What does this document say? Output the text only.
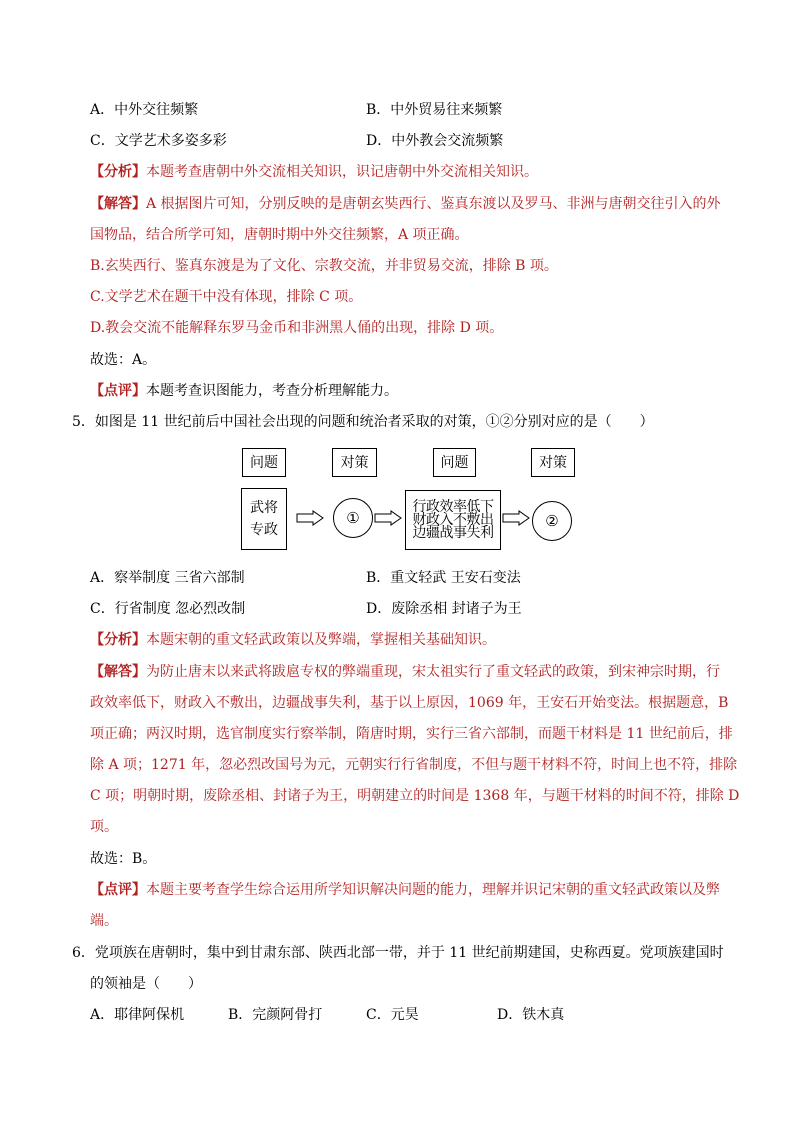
A．中外交往频繁	B．中外贸易往来频繁
C．文学艺术多姿多彩	D．中外教会交流频繁
【分析】本题考查唐朝中外交流相关知识，识记唐朝中外交流相关知识。
【解答】A 根据图片可知，分别反映的是唐朝玄奘西行、鉴真东渡以及罗马、非洲与唐朝交往引入的外
国物品，结合所学可知，唐朝时期中外交往频繁，A 项正确。
B.玄奘西行、鉴真东渡是为了文化、宗教交流，并非贸易交流，排除 B 项。
C.文学艺术在题干中没有体现，排除 C 项。
D.教会交流不能解释东罗马金币和非洲黑人俑的出现，排除 D 项。
故选：A。
【点评】本题考查识图能力，考查分析理解能力。
5．如图是 11 世纪前后中国社会出现的问题和统治者采取的对策，①②分别对应的是（　　）
问题	对策	问题	对策
武将
专政
①
行政效率低下
财政入不敷出
边疆战事失利
②
A．察举制度 三省六部制	B．重文轻武 王安石变法
C．行省制度 忽必烈改制	D．废除丞相 封诸子为王
【分析】本题宋朝的重文轻武政策以及弊端，掌握相关基础知识。
【解答】为防止唐末以来武将跋扈专权的弊端重现，宋太祖实行了重文轻武的政策，到宋神宗时期，行
政效率低下，财政入不敷出，边疆战事失利，基于以上原因，1069 年，王安石开始变法。根据题意，B
项正确；两汉时期，选官制度实行察举制，隋唐时期，实行三省六部制，而题干材料是 11 世纪前后，排
除 A 项；1271 年，忽必烈改国号为元，元朝实行行省制度，不但与题干材料不符，时间上也不符，排除
C 项；明朝时期，废除丞相、封诸子为王，明朝建立的时间是 1368 年，与题干材料的时间不符，排除 D
项。
故选：B。
【点评】本题主要考查学生综合运用所学知识解决问题的能力，理解并识记宋朝的重文轻武政策以及弊
端。
6．党项族在唐朝时，集中到甘肃东部、陕西北部一带，并于 11 世纪前期建国，史称西夏。党项族建国时
的领袖是（　　）
A．耶律阿保机	B．完颜阿骨打	C．元昊	D．铁木真
